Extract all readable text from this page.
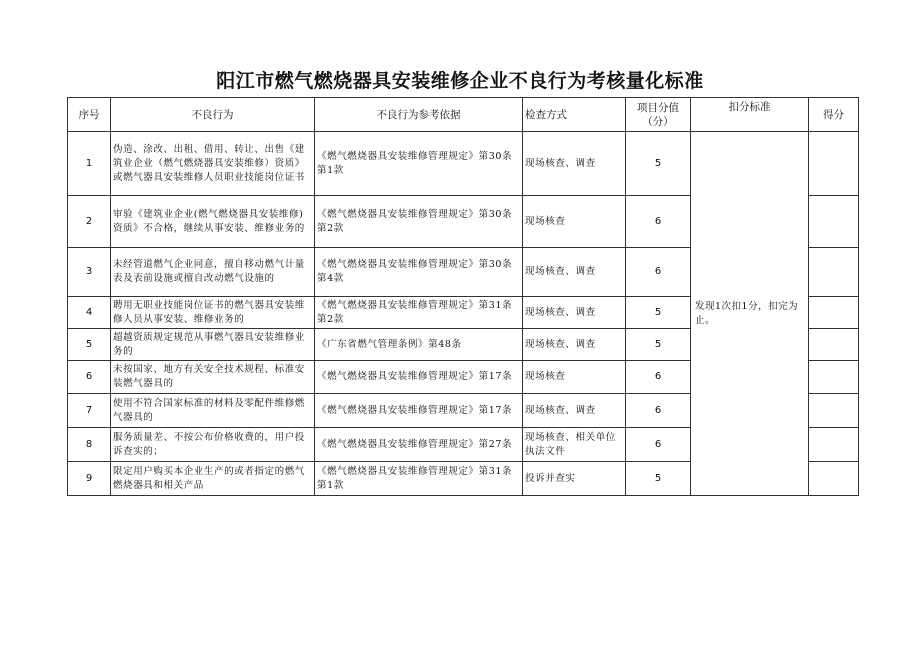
阳江市燃气燃烧器具安装维修企业不良行为考核量化标准
序号	不良行为	不良行为参考依据	检查方式	项目分值（分）	扣分标准	得分
1	伪造、涂改、出租、借用、转让、出售《建筑业企业（燃气燃烧器具安装维修）资质》或燃气器具安装维修人员职业技能岗位证书	《燃气燃烧器具安装维修管理规定》第30条第1款	现场核查、调查	5	发现1次扣1分，扣完为止。	
2	审验《建筑业企业(燃气燃烧器具安装维修)资质》不合格，继续从事安装、维修业务的	《燃气燃烧器具安装维修管理规定》第30条第2款	现场核查	6		
3	未经管道燃气企业同意，擅自移动燃气计量表及表前设施或擅自改动燃气设施的	《燃气燃烧器具安装维修管理规定》第30条第4款	现场核查、调查	6		
4	聘用无职业技能岗位证书的燃气器具安装维修人员从事安装、维修业务的	《燃气燃烧器具安装维修管理规定》第31条第2款	现场核查、调查	5		
5	超越资质规定规范从事燃气器具安装维修业务的	《广东省燃气管理条例》第48条	现场核查、调查	5		
6	未按国家、地方有关安全技术规程、标准安装燃气器具的	《燃气燃烧器具安装维修管理规定》第17条	现场核查	6		
7	使用不符合国家标准的材料及零配件维修燃气器具的	《燃气燃烧器具安装维修管理规定》第17条	现场核查、调查	6		
8	服务质量差、不按公布价格收费的，用户投诉查实的；	《燃气燃烧器具安装维修管理规定》第27条	现场核查、相关单位执法文件	6		
9	限定用户购买本企业生产的或者指定的燃气燃烧器具和相关产品	《燃气燃烧器具安装维修管理规定》第31条第1款	投诉并查实	5		
